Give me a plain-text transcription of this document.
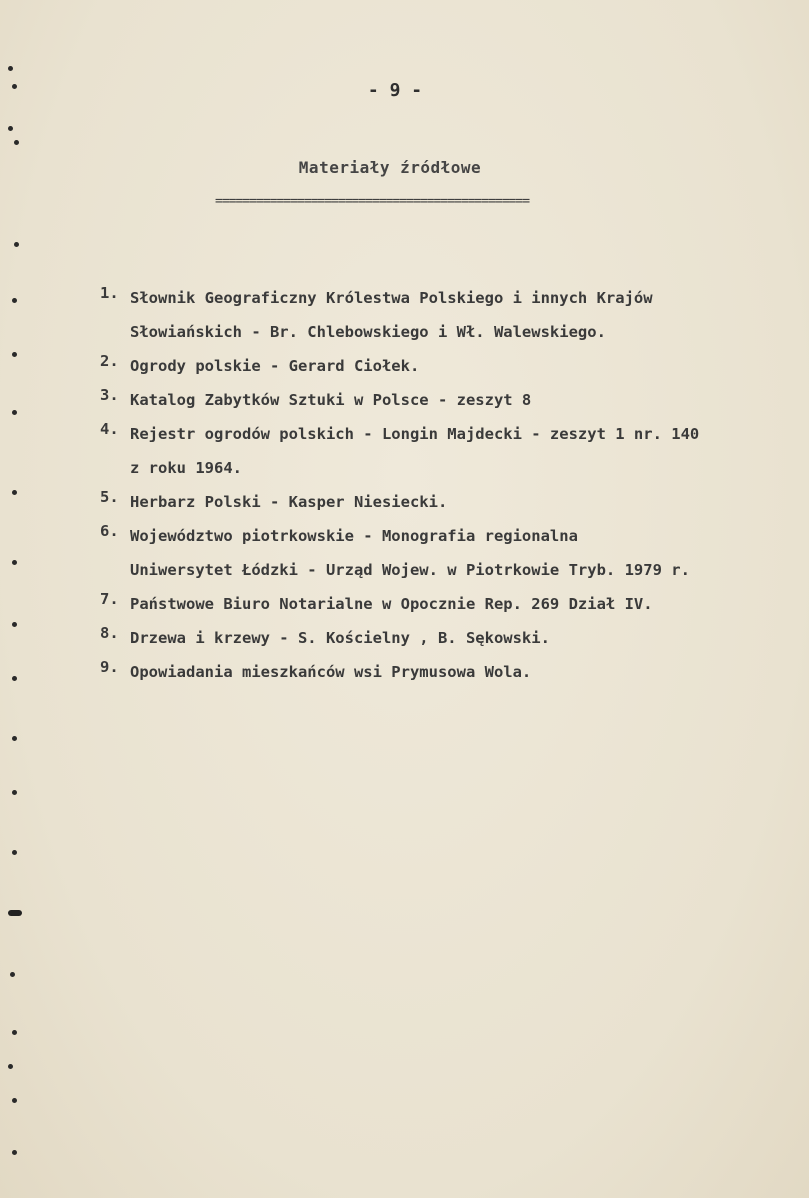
- 9 -
Materiały źródłowe
==============================================
1. Słownik Geograficzny Królestwa Polskiego i innych Krajów
Słowiańskich - Br. Chlebowskiego i Wł. Walewskiego.
2. Ogrody polskie - Gerard Ciołek.
3. Katalog Zabytków Sztuki w Polsce - zeszyt 8
4. Rejestr ogrodów polskich - Longin Majdecki - zeszyt 1 nr. 140
z roku 1964.
5. Herbarz Polski - Kasper Niesiecki.
6. Województwo piotrkowskie - Monografia regionalna
Uniwersytet Łódzki - Urząd Wojew. w Piotrkowie Tryb. 1979 r.
7. Państwowe Biuro Notarialne w Opocznie Rep. 269 Dział IV.
8. Drzewa i krzewy - S. Kościelny , B. Sękowski.
9. Opowiadania mieszkańców wsi Prymusowa Wola.
